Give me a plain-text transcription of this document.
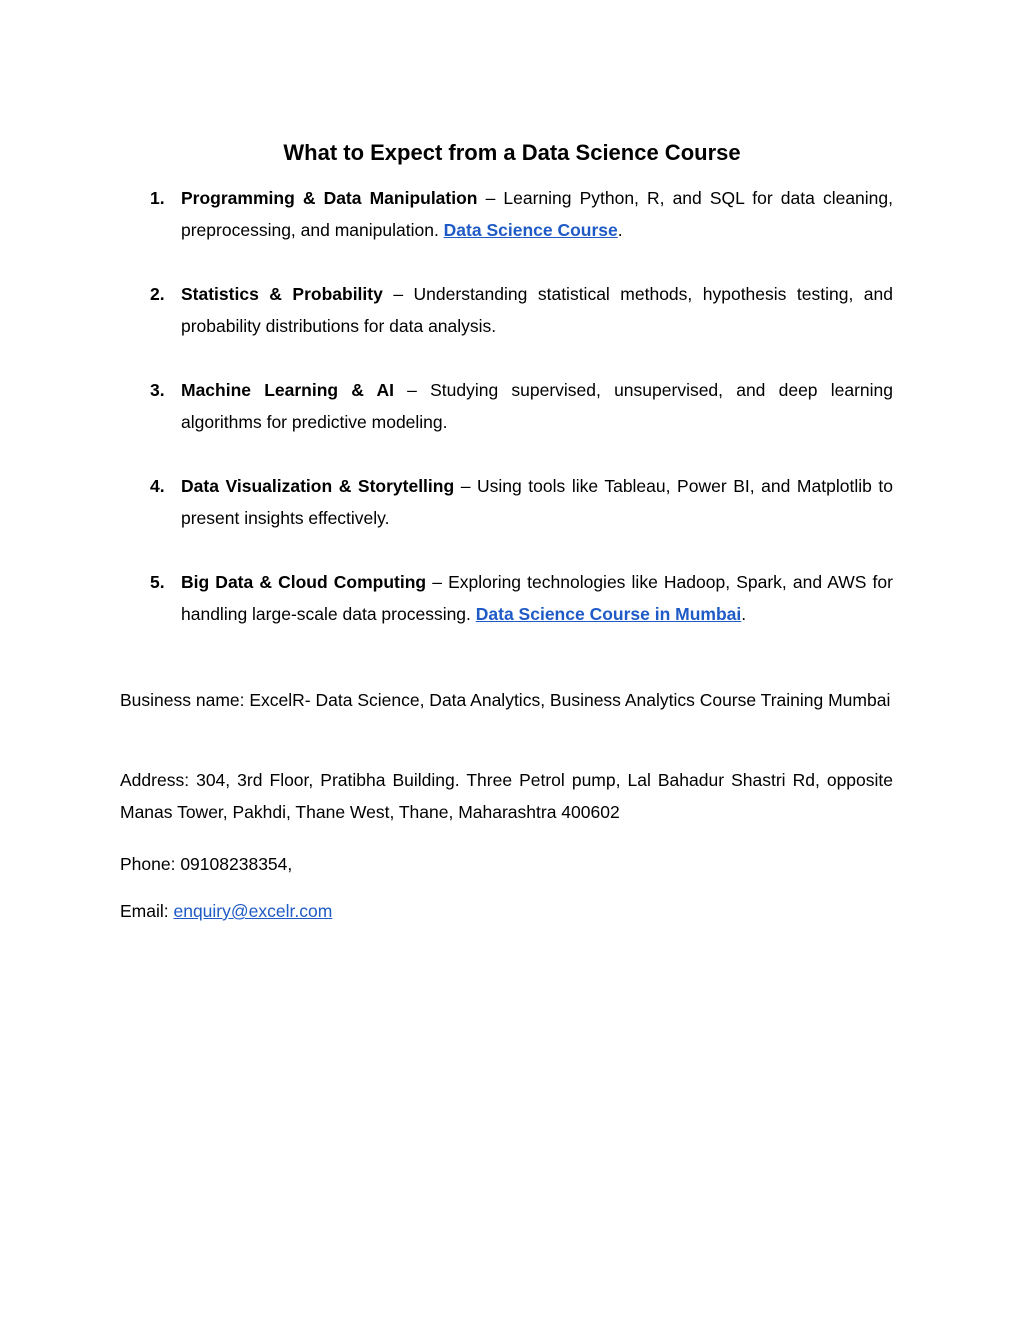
What to Expect from a Data Science Course
1. Programming & Data Manipulation – Learning Python, R, and SQL for data cleaning, preprocessing, and manipulation. Data Science Course.
2. Statistics & Probability – Understanding statistical methods, hypothesis testing, and probability distributions for data analysis.
3. Machine Learning & AI – Studying supervised, unsupervised, and deep learning algorithms for predictive modeling.
4. Data Visualization & Storytelling – Using tools like Tableau, Power BI, and Matplotlib to present insights effectively.
5. Big Data & Cloud Computing – Exploring technologies like Hadoop, Spark, and AWS for handling large-scale data processing. Data Science Course in Mumbai.

Business name: ExcelR- Data Science, Data Analytics, Business Analytics Course Training Mumbai

Address: 304, 3rd Floor, Pratibha Building. Three Petrol pump, Lal Bahadur Shastri Rd, opposite Manas Tower, Pakhdi, Thane West, Thane, Maharashtra 400602

Phone: 09108238354,

Email: enquiry@excelr.com
